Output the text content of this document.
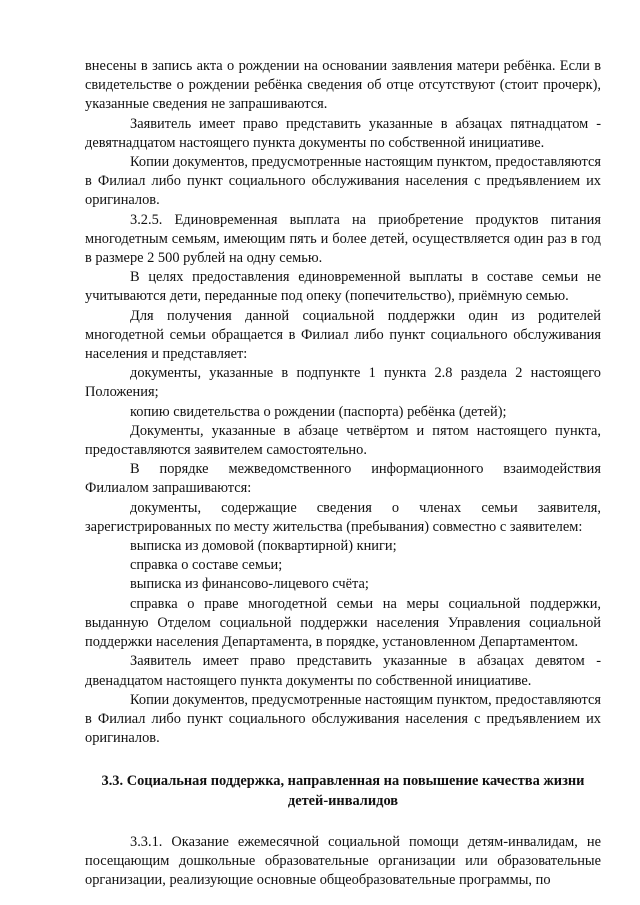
внесены в запись акта о рождении на основании заявления матери ребёнка. Если в свидетельстве о рождении ребёнка сведения об отце отсутствуют (стоит прочерк), указанные сведения не запрашиваются.

Заявитель имеет право представить указанные в абзацах пятнадцатом - девятнадцатом настоящего пункта документы по собственной инициативе.

Копии документов, предусмотренные настоящим пунктом, предоставляются в Филиал либо пункт социального обслуживания населения с предъявлением их оригиналов.

3.2.5. Единовременная выплата на приобретение продуктов питания многодетным семьям, имеющим пять и более детей, осуществляется один раз в год в размере 2 500 рублей на одну семью.

В целях предоставления единовременной выплаты в составе семьи не учитываются дети, переданные под опеку (попечительство), приёмную семью.

Для получения данной социальной поддержки один из родителей многодетной семьи обращается в Филиал либо пункт социального обслуживания населения и представляет:

документы, указанные в подпункте 1 пункта 2.8 раздела 2 настоящего Положения;

копию свидетельства о рождении (паспорта) ребёнка (детей);

Документы, указанные в абзаце четвёртом и пятом настоящего пункта, предоставляются заявителем самостоятельно.

В порядке межведомственного информационного взаимодействия Филиалом запрашиваются:

документы, содержащие сведения о членах семьи заявителя, зарегистрированных по месту жительства (пребывания) совместно с заявителем:

выписка из домовой (поквартирной) книги;

справка о составе семьи;

выписка из финансово-лицевого счёта;

справка о праве многодетной семьи на меры социальной поддержки, выданную Отделом социальной поддержки населения Управления социальной поддержки населения Департамента, в порядке, установленном Департаментом.

Заявитель имеет право представить указанные в абзацах девятом - двенадцатом настоящего пункта документы по собственной инициативе.

Копии документов, предусмотренные настоящим пунктом, предоставляются в Филиал либо пункт социального обслуживания населения с предъявлением их оригиналов.

3.3. Социальная поддержка, направленная на повышение качества жизни детей-инвалидов

3.3.1. Оказание ежемесячной социальной помощи детям-инвалидам, не посещающим дошкольные образовательные организации или образовательные организации, реализующие основные общеобразовательные программы, по
